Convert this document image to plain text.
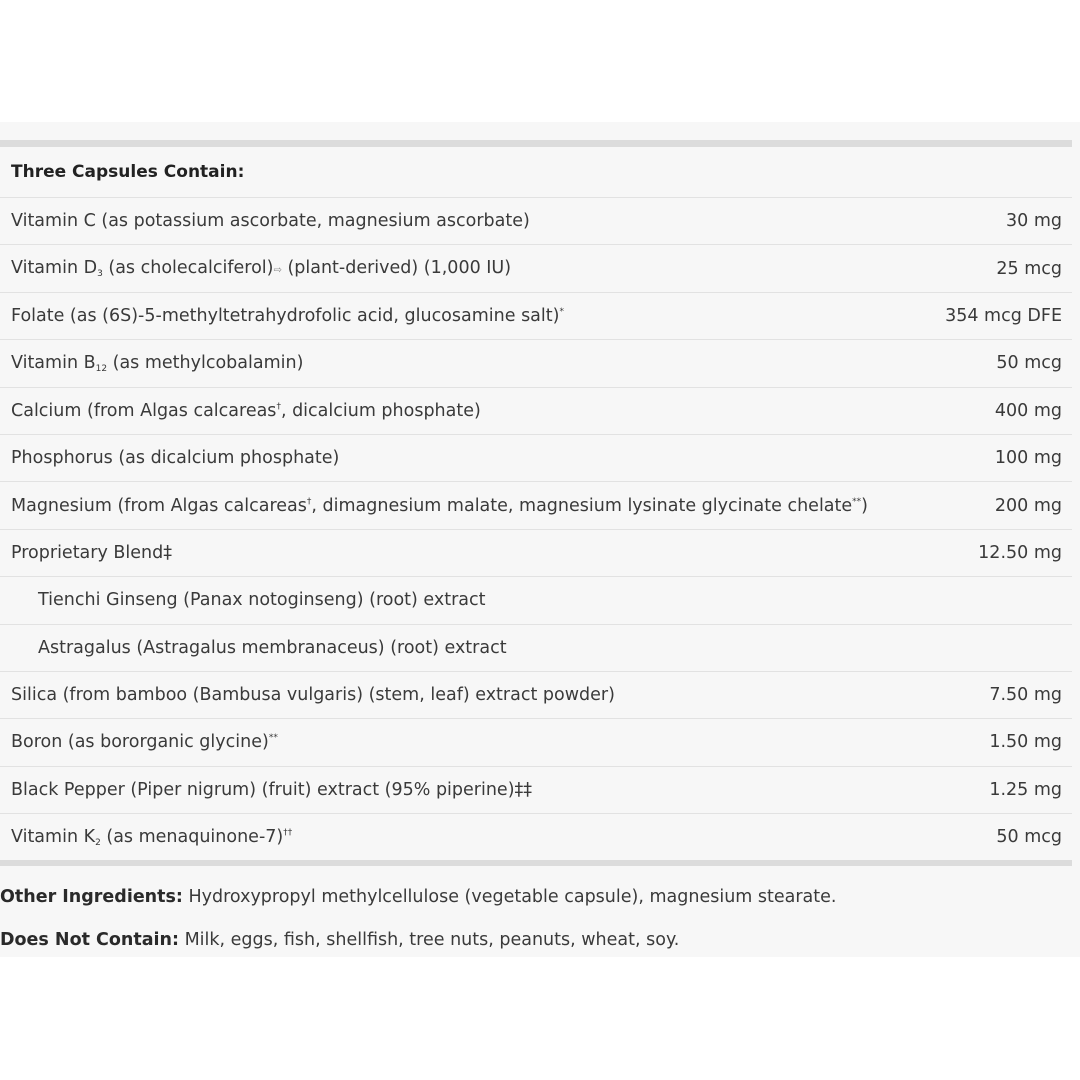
Three Capsules Contain:
Vitamin C (as potassium ascorbate, magnesium ascorbate)	30 mg
Vitamin $D_3$ (as cholecalciferol)⇨ (plant-derived) (1,000 IU)	25 mcg
Folate (as (6S)-5-methyltetrahydrofolic acid, glucosamine salt)*	354 mcg DFE
Vitamin $B_{12}$ (as methylcobalamin)	50 mcg
Calcium (from Algas calcareas†, dicalcium phosphate)	400 mg
Phosphorus (as dicalcium phosphate)	100 mg
Magnesium (from Algas calcareas†, dimagnesium malate, magnesium lysinate glycinate chelate**)	200 mg
Proprietary Blend‡	12.50 mg
Tienchi Ginseng (Panax notoginseng) (root) extract
Astragalus (Astragalus membranaceus) (root) extract
Silica (from bamboo (Bambusa vulgaris) (stem, leaf) extract powder)	7.50 mg
Boron (as bororganic glycine)**	1.50 mg
Black Pepper (Piper nigrum) (fruit) extract (95% piperine)‡‡	1.25 mg
Vitamin $K_2$ (as menaquinone-7)††	50 mcg
Other Ingredients: Hydroxypropyl methylcellulose (vegetable capsule), magnesium stearate.
Does Not Contain: Milk, eggs, fish, shellfish, tree nuts, peanuts, wheat, soy.
